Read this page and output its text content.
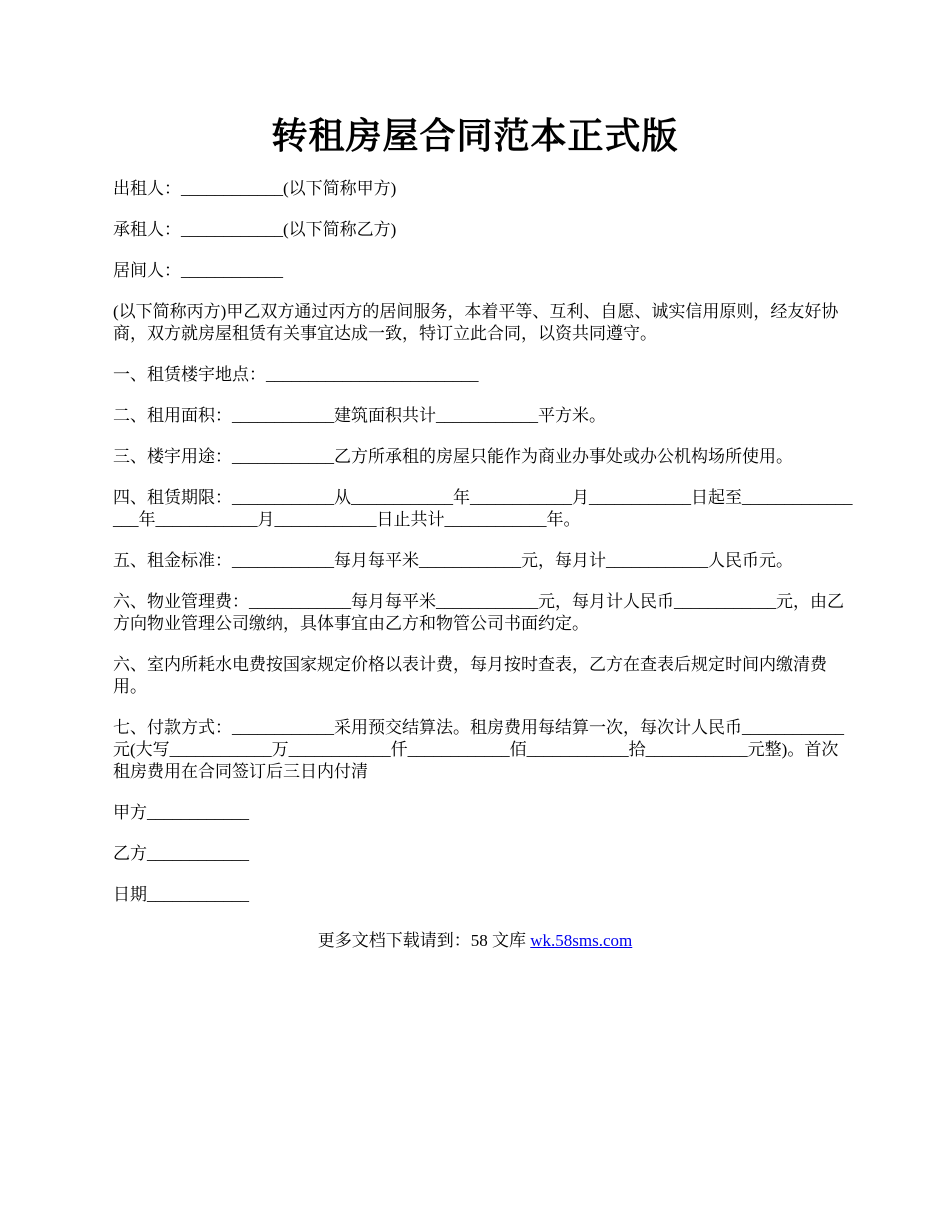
转租房屋合同范本正式版

出租人：____________(以下简称甲方)

承租人：____________(以下简称乙方)

居间人：____________

(以下简称丙方)甲乙双方通过丙方的居间服务，本着平等、互利、自愿、诚实信用原则，经友好协商，双方就房屋租赁有关事宜达成一致，特订立此合同，以资共同遵守。

一、租赁楼宇地点：_________________________

二、租用面积：____________建筑面积共计____________平方米。

三、楼宇用途：____________乙方所承租的房屋只能作为商业办事处或办公机构场所使用。

四、租赁期限：____________从____________年____________月____________日起至________________年____________月____________日止共计____________年。

五、租金标准：____________每月每平米____________元，每月计____________人民币元。

六、物业管理费：____________每月每平米____________元，每月计人民币____________元，由乙方向物业管理公司缴纳，具体事宜由乙方和物管公司书面约定。

六、室内所耗水电费按国家规定价格以表计费，每月按时查表，乙方在查表后规定时间内缴清费用。

七、付款方式：____________采用预交结算法。租房费用每结算一次，每次计人民币____________元(大写____________万____________仟____________佰____________拾____________元整)。首次租房费用在合同签订后三日内付清

甲方____________

乙方____________

日期____________

更多文档下载请到：58 文库 wk.58sms.com
